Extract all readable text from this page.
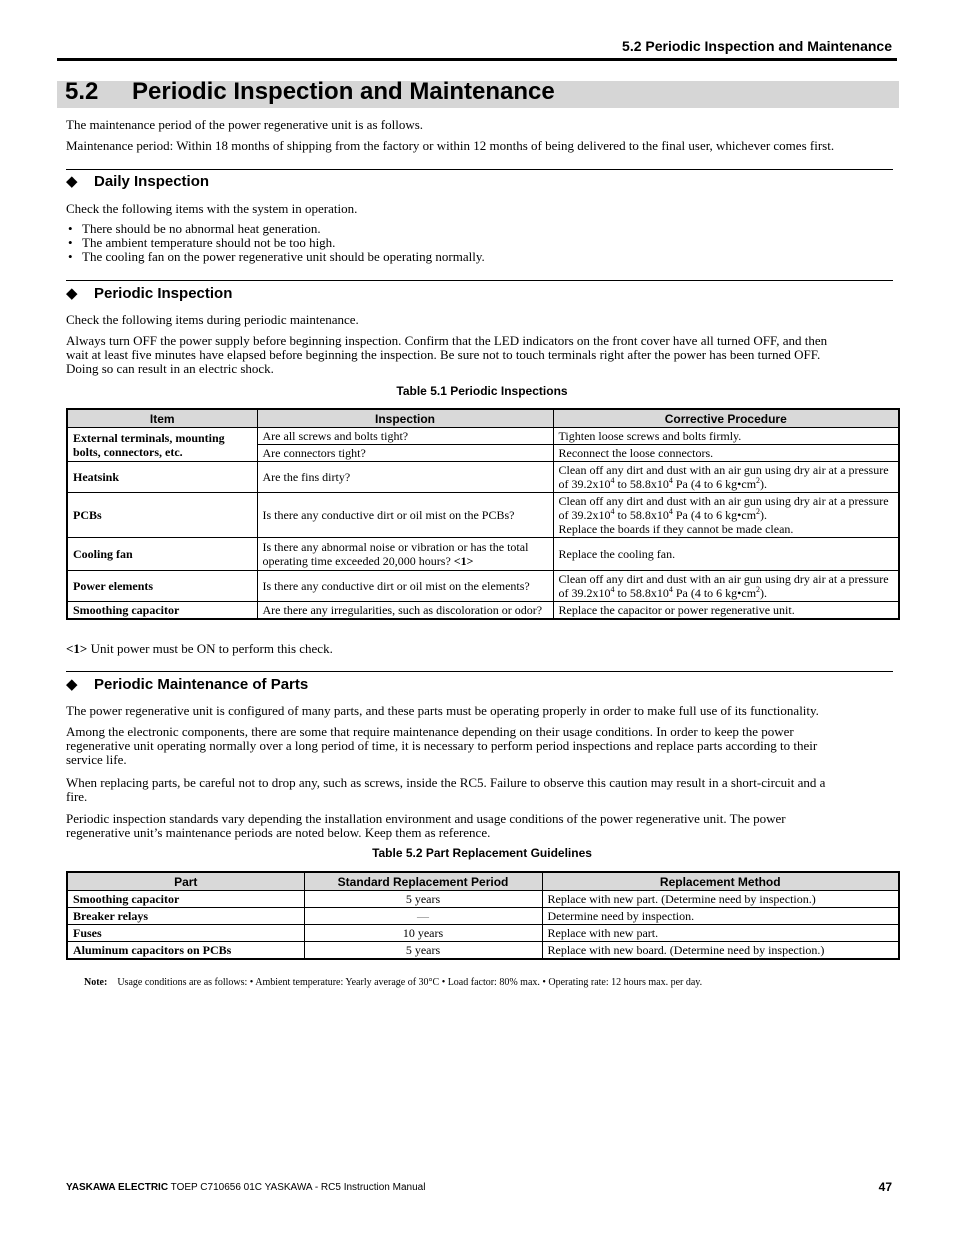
5.2 Periodic Inspection and Maintenance
5.2 Periodic Inspection and Maintenance
The maintenance period of the power regenerative unit is as follows.
Maintenance period: Within 18 months of shipping from the factory or within 12 months of being delivered to the final user, whichever comes first.
◆ Daily Inspection
Check the following items with the system in operation.
• There should be no abnormal heat generation.
• The ambient temperature should not be too high.
• The cooling fan on the power regenerative unit should be operating normally.
◆ Periodic Inspection
Check the following items during periodic maintenance.
Always turn OFF the power supply before beginning inspection. Confirm that the LED indicators on the front cover have all turned OFF, and then
wait at least five minutes have elapsed before beginning the inspection. Be sure not to touch terminals right after the power has been turned OFF.
Doing so can result in an electric shock.
Table 5.1 Periodic Inspections
Item	Inspection	Corrective Procedure
External terminals, mounting bolts, connectors, etc.	Are all screws and bolts tight?	Tighten loose screws and bolts firmly.
	Are connectors tight?	Reconnect the loose connectors.
Heatsink	Are the fins dirty?	Clean off any dirt and dust with an air gun using dry air at a pressure of $39.2x10^4$ to $58.8x10^4$ Pa (4 to 6 $kg•cm^2$).
PCBs	Is there any conductive dirt or oil mist on the PCBs?	Clean off any dirt and dust with an air gun using dry air at a pressure of $39.2x10^4$ to $58.8x10^4$ Pa (4 to 6 $kg•cm^2$).
Replace the boards if they cannot be made clean.
Cooling fan	Is there any abnormal noise or vibration or has the total operating time exceeded 20,000 hours? <1>	Replace the cooling fan.
Power elements	Is there any conductive dirt or oil mist on the elements?	Clean off any dirt and dust with an air gun using dry air at a pressure of $39.2x10^4$ to $58.8x10^4$ Pa (4 to 6 $kg•cm^2$).
Smoothing capacitor	Are there any irregularities, such as discoloration or odor?	Replace the capacitor or power regenerative unit.
<1> Unit power must be ON to perform this check.
◆ Periodic Maintenance of Parts
The power regenerative unit is configured of many parts, and these parts must be operating properly in order to make full use of its functionality.
Among the electronic components, there are some that require maintenance depending on their usage conditions. In order to keep the power
regenerative unit operating normally over a long period of time, it is necessary to perform period inspections and replace parts according to their
service life.
When replacing parts, be careful not to drop any, such as screws, inside the RC5. Failure to observe this caution may result in a short-circuit and a
fire.
Periodic inspection standards vary depending the installation environment and usage conditions of the power regenerative unit. The power
regenerative unit’s maintenance periods are noted below. Keep them as reference.
Table 5.2 Part Replacement Guidelines
Part	Standard Replacement Period	Replacement Method
Smoothing capacitor	5 years	Replace with new part. (Determine need by inspection.)
Breaker relays	—	Determine need by inspection.
Fuses	10 years	Replace with new part.
Aluminum capacitors on PCBs	5 years	Replace with new board. (Determine need by inspection.)
Note: Usage conditions are as follows: • Ambient temperature: Yearly average of 30°C • Load factor: 80% max. • Operating rate: 12 hours max. per day.
YASKAWA ELECTRIC TOEP C710656 01C YASKAWA - RC5 Instruction Manual	47
